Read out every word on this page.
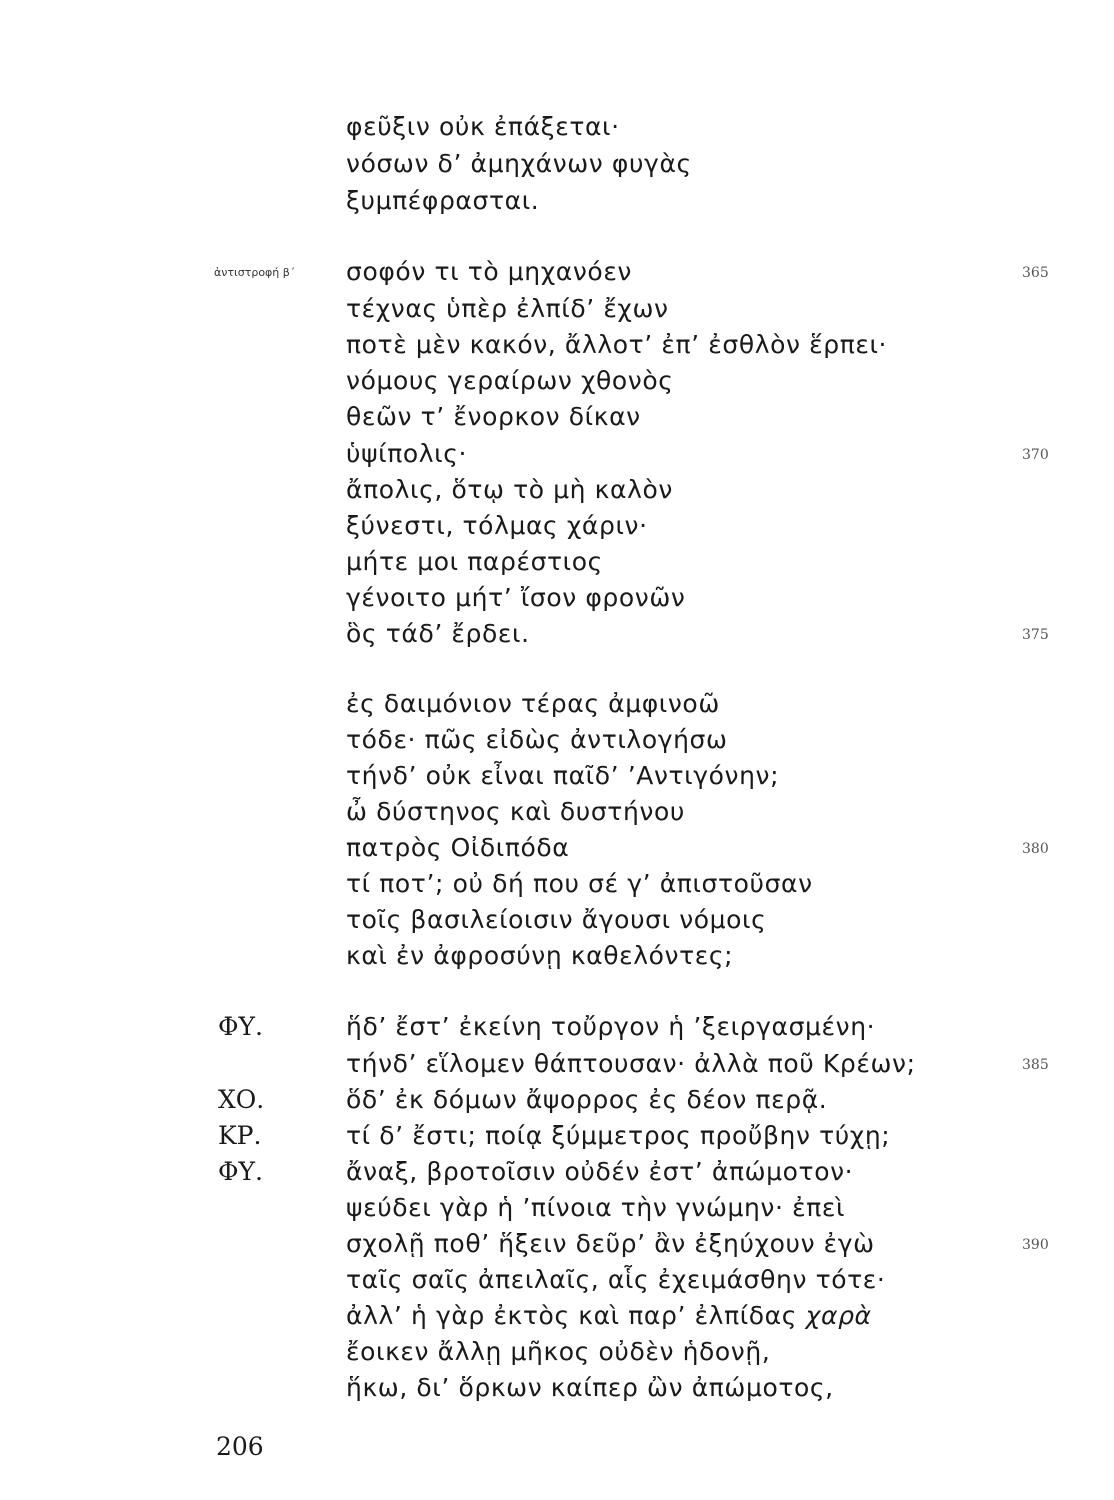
φεῦξιν οὐκ ἐπάξεται·
νόσων δ’ ἀμηχάνων φυγὰς
ξυμπέφρασται.
ἀντιστροφή β´ σοφόν τι τὸ μηχανόεν
τέχνας ὑπὲρ ἐλπίδ’ ἔχων
ποτὲ μὲν κακόν, ἄλλοτ’ ἐπ’ ἐσθλὸν ἕρπει·
νόμους γεραίρων χθονὸς
θεῶν τ’ ἔνορκον δίκαν
ὑψίπολις·
ἄπολις, ὅτῳ τὸ μὴ καλὸν
ξύνεστι, τόλμας χάριν·
μήτε μοι παρέστιος
γένοιτο μήτ’ ἴσον φρονῶν
ὃς τάδ’ ἔρδει.
ἐς δαιμόνιον τέρας ἀμφινοῶ
τόδε· πῶς εἰδὼς ἀντιλογήσω
τήνδ’ οὐκ εἶναι παῖδ’ ’Αντιγόνην;
ὦ δύστηνος καὶ δυστήνου
πατρὸς Οἰδιπόδα
τί ποτ’; οὐ δή που σέ γ’ ἀπιστοῦσαν
τοῖς βασιλείοισιν ἄγουσι νόμοις
καὶ ἐν ἀφροσύνῃ καθελόντες;
ἥδ’ ἔστ’ ἐκείνη τοὔργον ἡ ’ξειργασμένη·
τήνδ’ εἵλομεν θάπτουσαν· ἀλλὰ ποῦ Κρέων;
ὅδ’ ἐκ δόμων ἄψορρος ἐς δέον περᾷ.
τί δ’ ἔστι; ποίᾳ ξύμμετρος προὔβην τύχῃ;
ἄναξ, βροτοῖσιν οὐδέν ἐστ’ ἀπώμοτον·
ψεύδει γὰρ ἡ ’πίνοια τὴν γνώμην· ἐπεὶ
σχολῇ ποθ’ ἥξειν δεῦρ’ ἂν ἐξηύχουν ἐγὼ
ταῖς σαῖς ἀπειλαῖς, αἷς ἐχειμάσθην τότε·
ἀλλ’ ἡ γὰρ ἐκτὸς καὶ παρ’ ἐλπίδας χαρὰ
ἔοικεν ἄλλῃ μῆκος οὐδὲν ἡδονῇ,
ἥκω, δι’ ὅρκων καίπερ ὢν ἀπώμοτος,
ΦΥ.
ΧΟ.
ΚΡ.
ΦΥ.
365
370
375
380
385
390
206
